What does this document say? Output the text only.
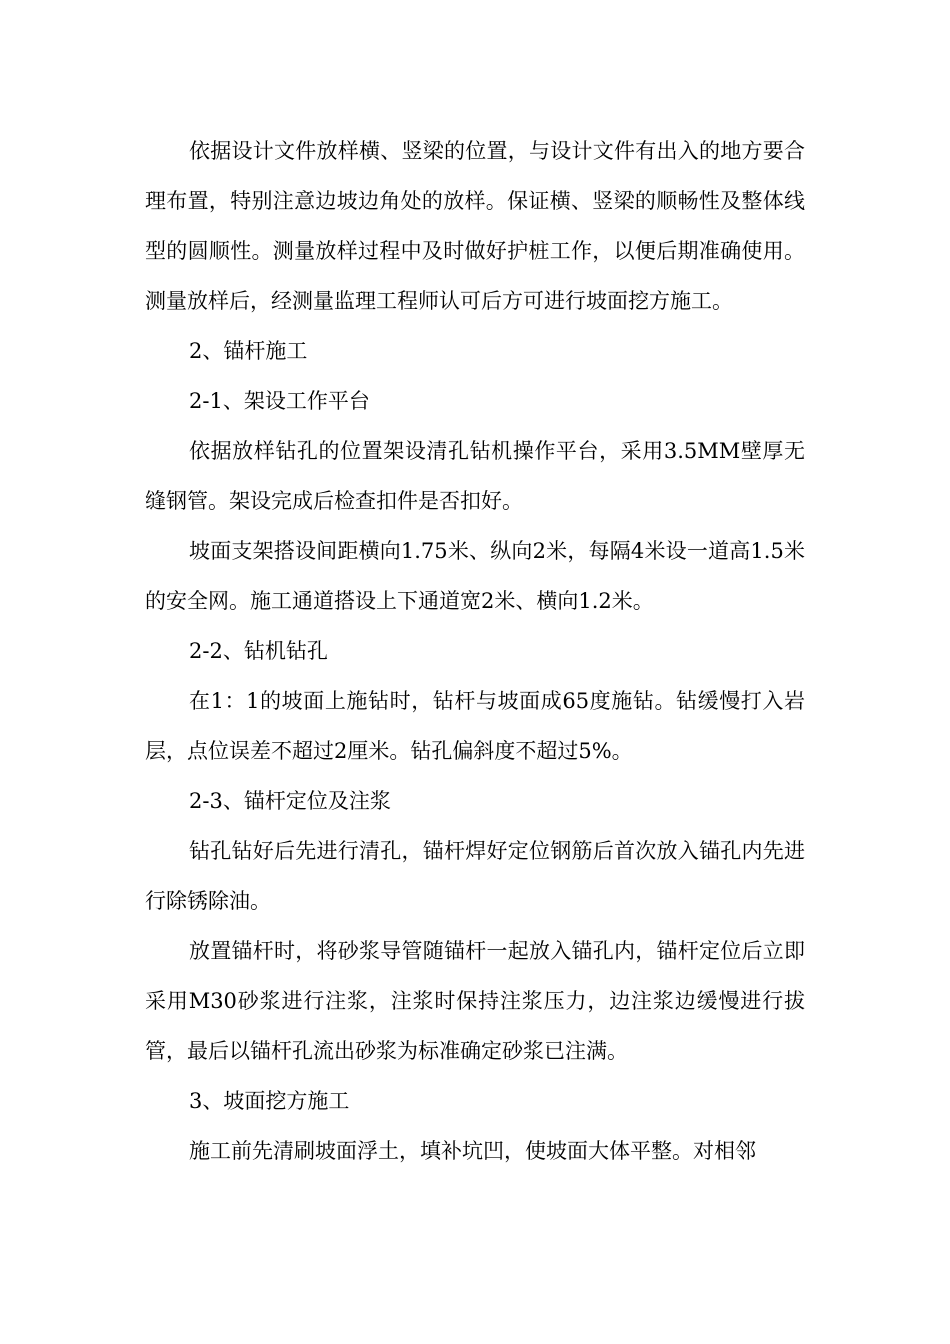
依据设计文件放样横、竖梁的位置，与设计文件有出入的地方要合理布置，特别注意边坡边角处的放样。保证横、竖梁的顺畅性及整体线型的圆顺性。测量放样过程中及时做好护桩工作，以便后期准确使用。测量放样后，经测量监理工程师认可后方可进行坡面挖方施工。

2、锚杆施工

2-1、架设工作平台

依据放样钻孔的位置架设清孔钻机操作平台，采用3.5MM壁厚无缝钢管。架设完成后检查扣件是否扣好。

坡面支架搭设间距横向1.75米、纵向2米，每隔4米设一道高1.5米的安全网。施工通道搭设上下通道宽2米、横向1.2米。

2-2、钻机钻孔

在1：1的坡面上施钻时，钻杆与坡面成65度施钻。钻缓慢打入岩层，点位误差不超过2厘米。钻孔偏斜度不超过5%。

2-3、锚杆定位及注浆

钻孔钻好后先进行清孔，锚杆焊好定位钢筋后首次放入锚孔内先进行除锈除油。

放置锚杆时，将砂浆导管随锚杆一起放入锚孔内，锚杆定位后立即采用M30砂浆进行注浆，注浆时保持注浆压力，边注浆边缓慢进行拔管，最后以锚杆孔流出砂浆为标准确定砂浆已注满。

3、坡面挖方施工

施工前先清刷坡面浮土，填补坑凹，使坡面大体平整。对相邻
